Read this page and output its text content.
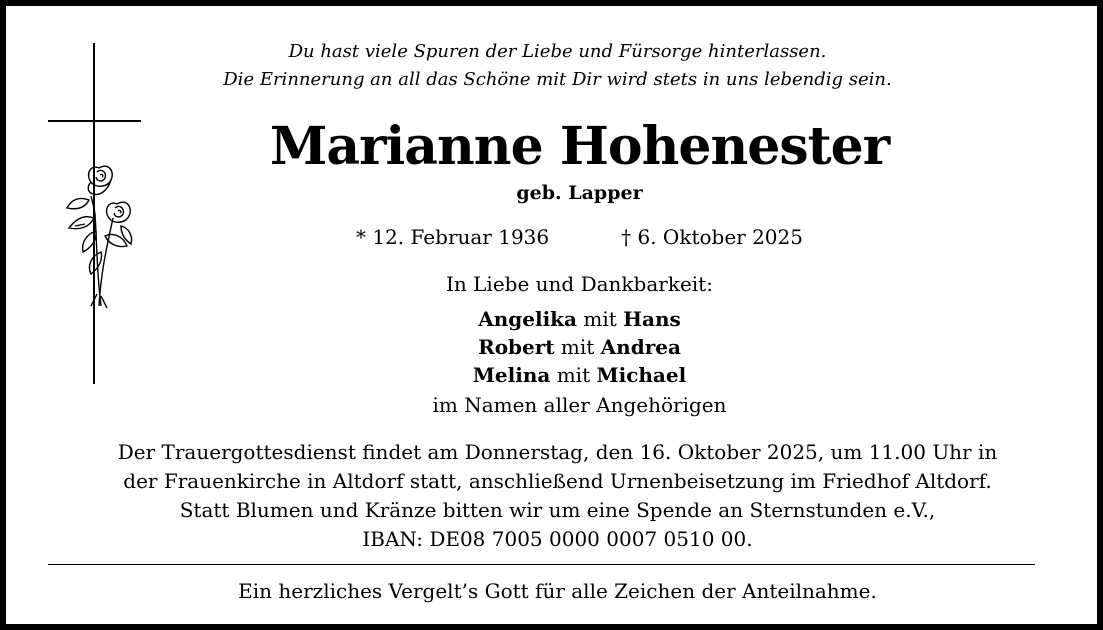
Du hast viele Spuren der Liebe und Fürsorge hinterlassen.
Die Erinnerung an all das Schöne mit Dir wird stets in uns lebendig sein.
Marianne Hohenester
geb. Lapper
* 12. Februar 1936	† 6. Oktober 2025
In Liebe und Dankbarkeit:
Angelika mit Hans
Robert mit Andrea
Melina mit Michael
im Namen aller Angehörigen
Der Trauergottesdienst findet am Donnerstag, den 16. Oktober 2025, um 11.00 Uhr in
der Frauenkirche in Altdorf statt, anschließend Urnenbeisetzung im Friedhof Altdorf.
Statt Blumen und Kränze bitten wir um eine Spende an Sternstunden e.V.,
IBAN: DE08 7005 0000 0007 0510 00.
Ein herzliches Vergelt’s Gott für alle Zeichen der Anteilnahme.
